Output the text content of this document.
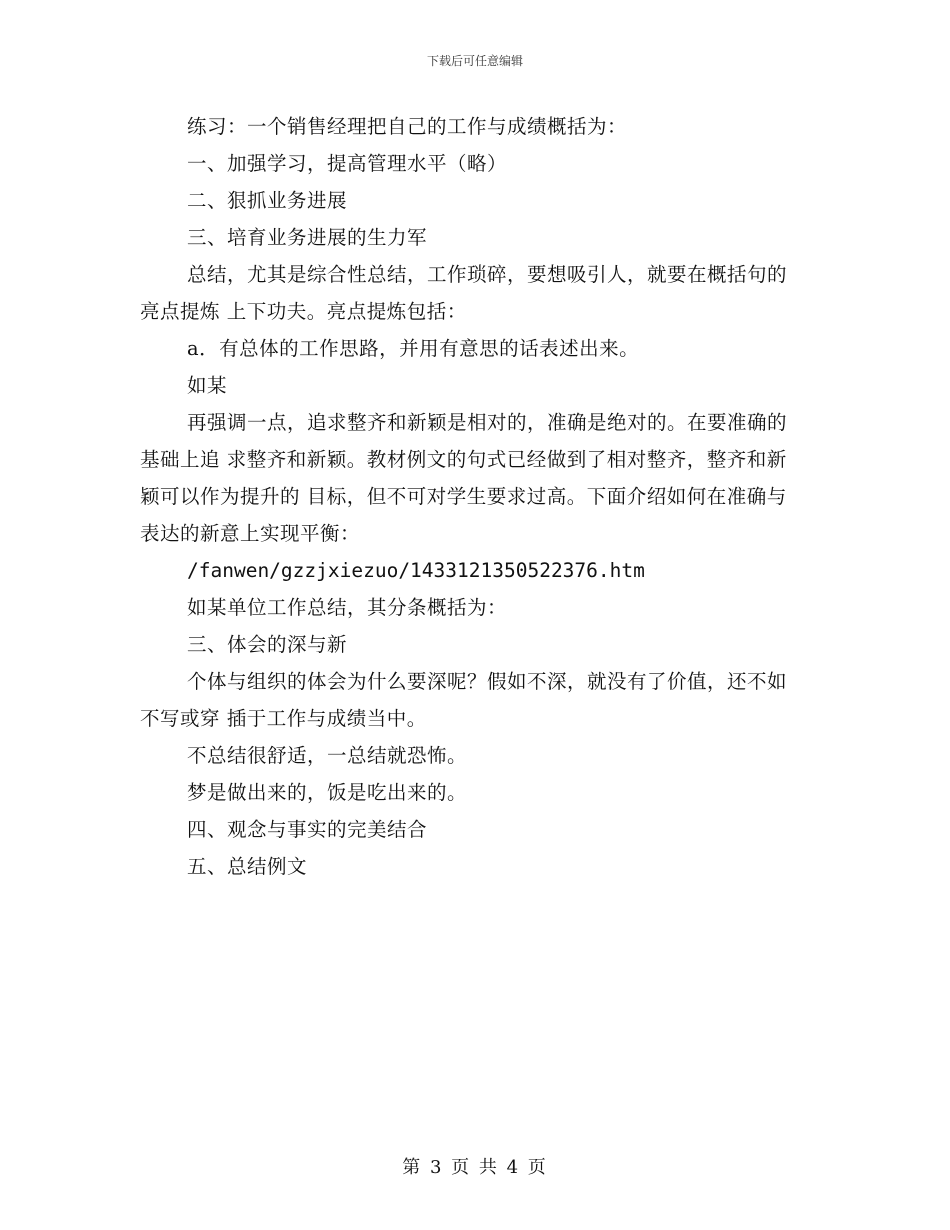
下载后可任意编辑

练习：一个销售经理把自己的工作与成绩概括为：

一、加强学习，提高管理水平（略）

二、狠抓业务进展

三、培育业务进展的生力军

总结，尤其是综合性总结，工作琐碎，要想吸引人，就要在概括句的亮点提炼 上下功夫。亮点提炼包括：

a．有总体的工作思路，并用有意思的话表述出来。

如某

再强调一点，追求整齐和新颖是相对的，准确是绝对的。在要准确的基础上追 求整齐和新颖。教材例文的句式已经做到了相对整齐，整齐和新颖可以作为提升的 目标，但不可对学生要求过高。下面介绍如何在准确与表达的新意上实现平衡：

/fanwen/gzzjxiezuo/1433121350522376.htm

如某单位工作总结，其分条概括为：

三、体会的深与新

个体与组织的体会为什么要深呢？假如不深，就没有了价值，还不如不写或穿 插于工作与成绩当中。

不总结很舒适，一总结就恐怖。

梦是做出来的，饭是吃出来的。

四、观念与事实的完美结合

五、总结例文

第 3 页 共 4 页
